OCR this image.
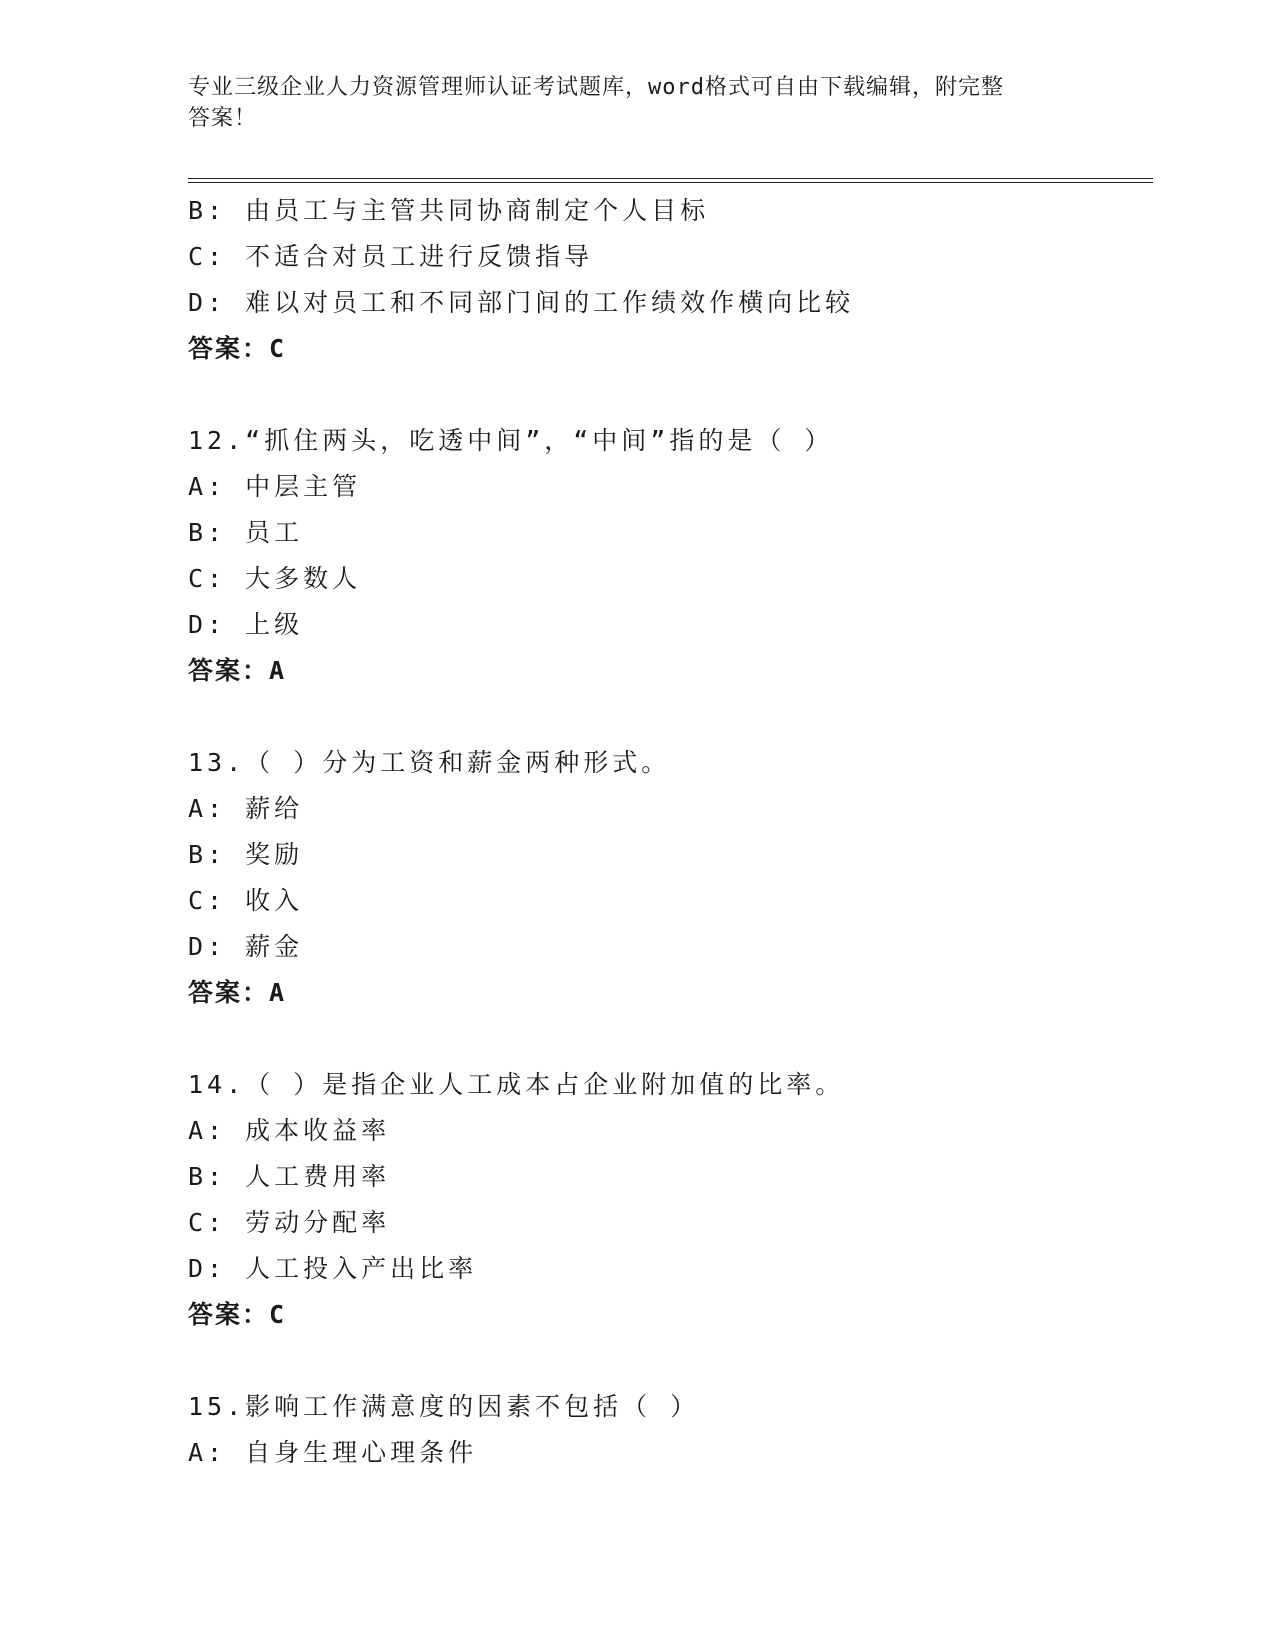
专业三级企业人力资源管理师认证考试题库，word格式可自由下载编辑，附完整
答案！
B: 由员工与主管共同协商制定个人目标
C: 不适合对员工进行反馈指导
D: 难以对员工和不同部门间的工作绩效作横向比较
答案：C
12.“抓住两头，吃透中间”，“中间”指的是（ ）
A: 中层主管
B: 员工
C: 大多数人
D: 上级
答案：A
13.（ ）分为工资和薪金两种形式。
A: 薪给
B: 奖励
C: 收入
D: 薪金
答案：A
14.（ ）是指企业人工成本占企业附加值的比率。
A: 成本收益率
B: 人工费用率
C: 劳动分配率
D: 人工投入产出比率
答案：C
15.影响工作满意度的因素不包括（ ）
A: 自身生理心理条件
